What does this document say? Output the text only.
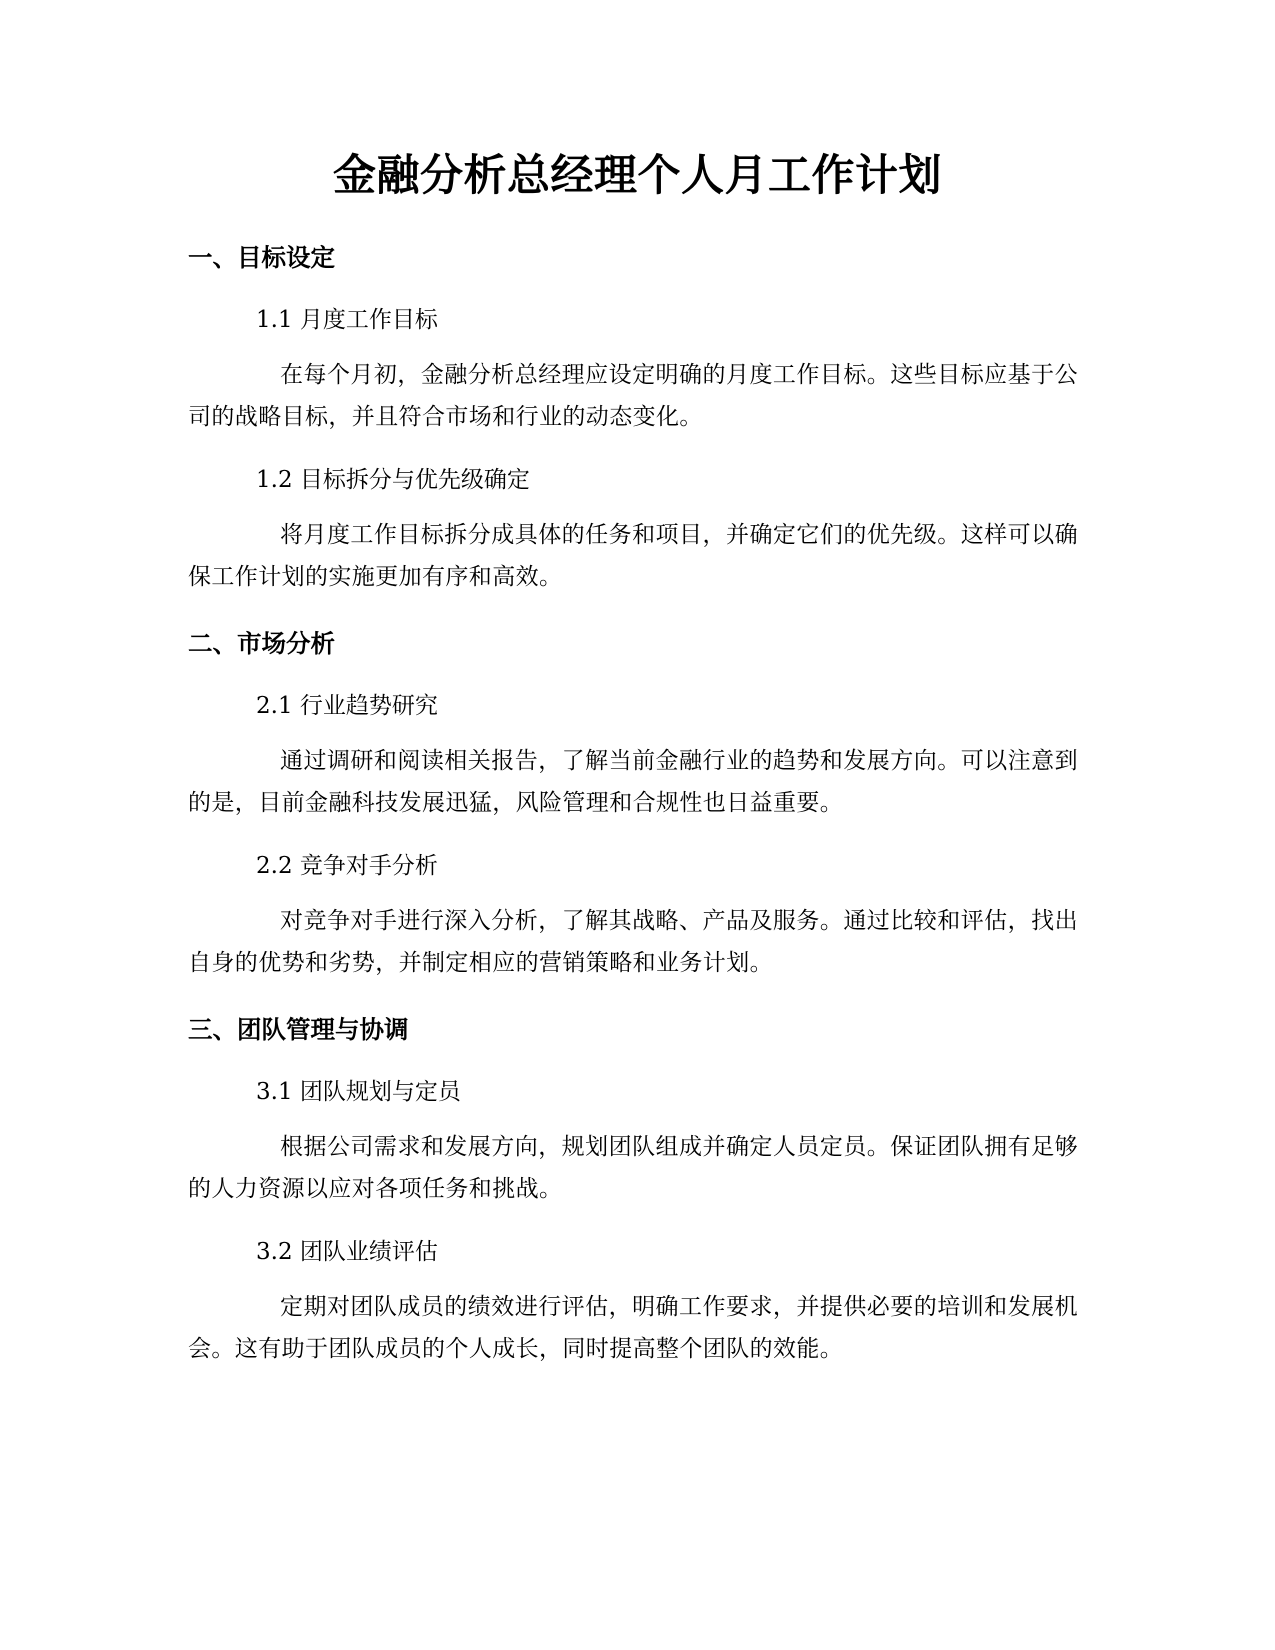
金融分析总经理个人月工作计划
一、目标设定
1.1 月度工作目标

在每个月初，金融分析总经理应设定明确的月度工作目标。这些目标应基于公司的战略目标，并且符合市场和行业的动态变化。

1.2 目标拆分与优先级确定

将月度工作目标拆分成具体的任务和项目，并确定它们的优先级。这样可以确保工作计划的实施更加有序和高效。

二、市场分析
2.1 行业趋势研究

通过调研和阅读相关报告，了解当前金融行业的趋势和发展方向。可以注意到的是，目前金融科技发展迅猛，风险管理和合规性也日益重要。

2.2 竞争对手分析

对竞争对手进行深入分析，了解其战略、产品及服务。通过比较和评估，找出自身的优势和劣势，并制定相应的营销策略和业务计划。

三、团队管理与协调
3.1 团队规划与定员

根据公司需求和发展方向，规划团队组成并确定人员定员。保证团队拥有足够的人力资源以应对各项任务和挑战。

3.2 团队业绩评估

定期对团队成员的绩效进行评估，明确工作要求，并提供必要的培训和发展机会。这有助于团队成员的个人成长，同时提高整个团队的效能。
